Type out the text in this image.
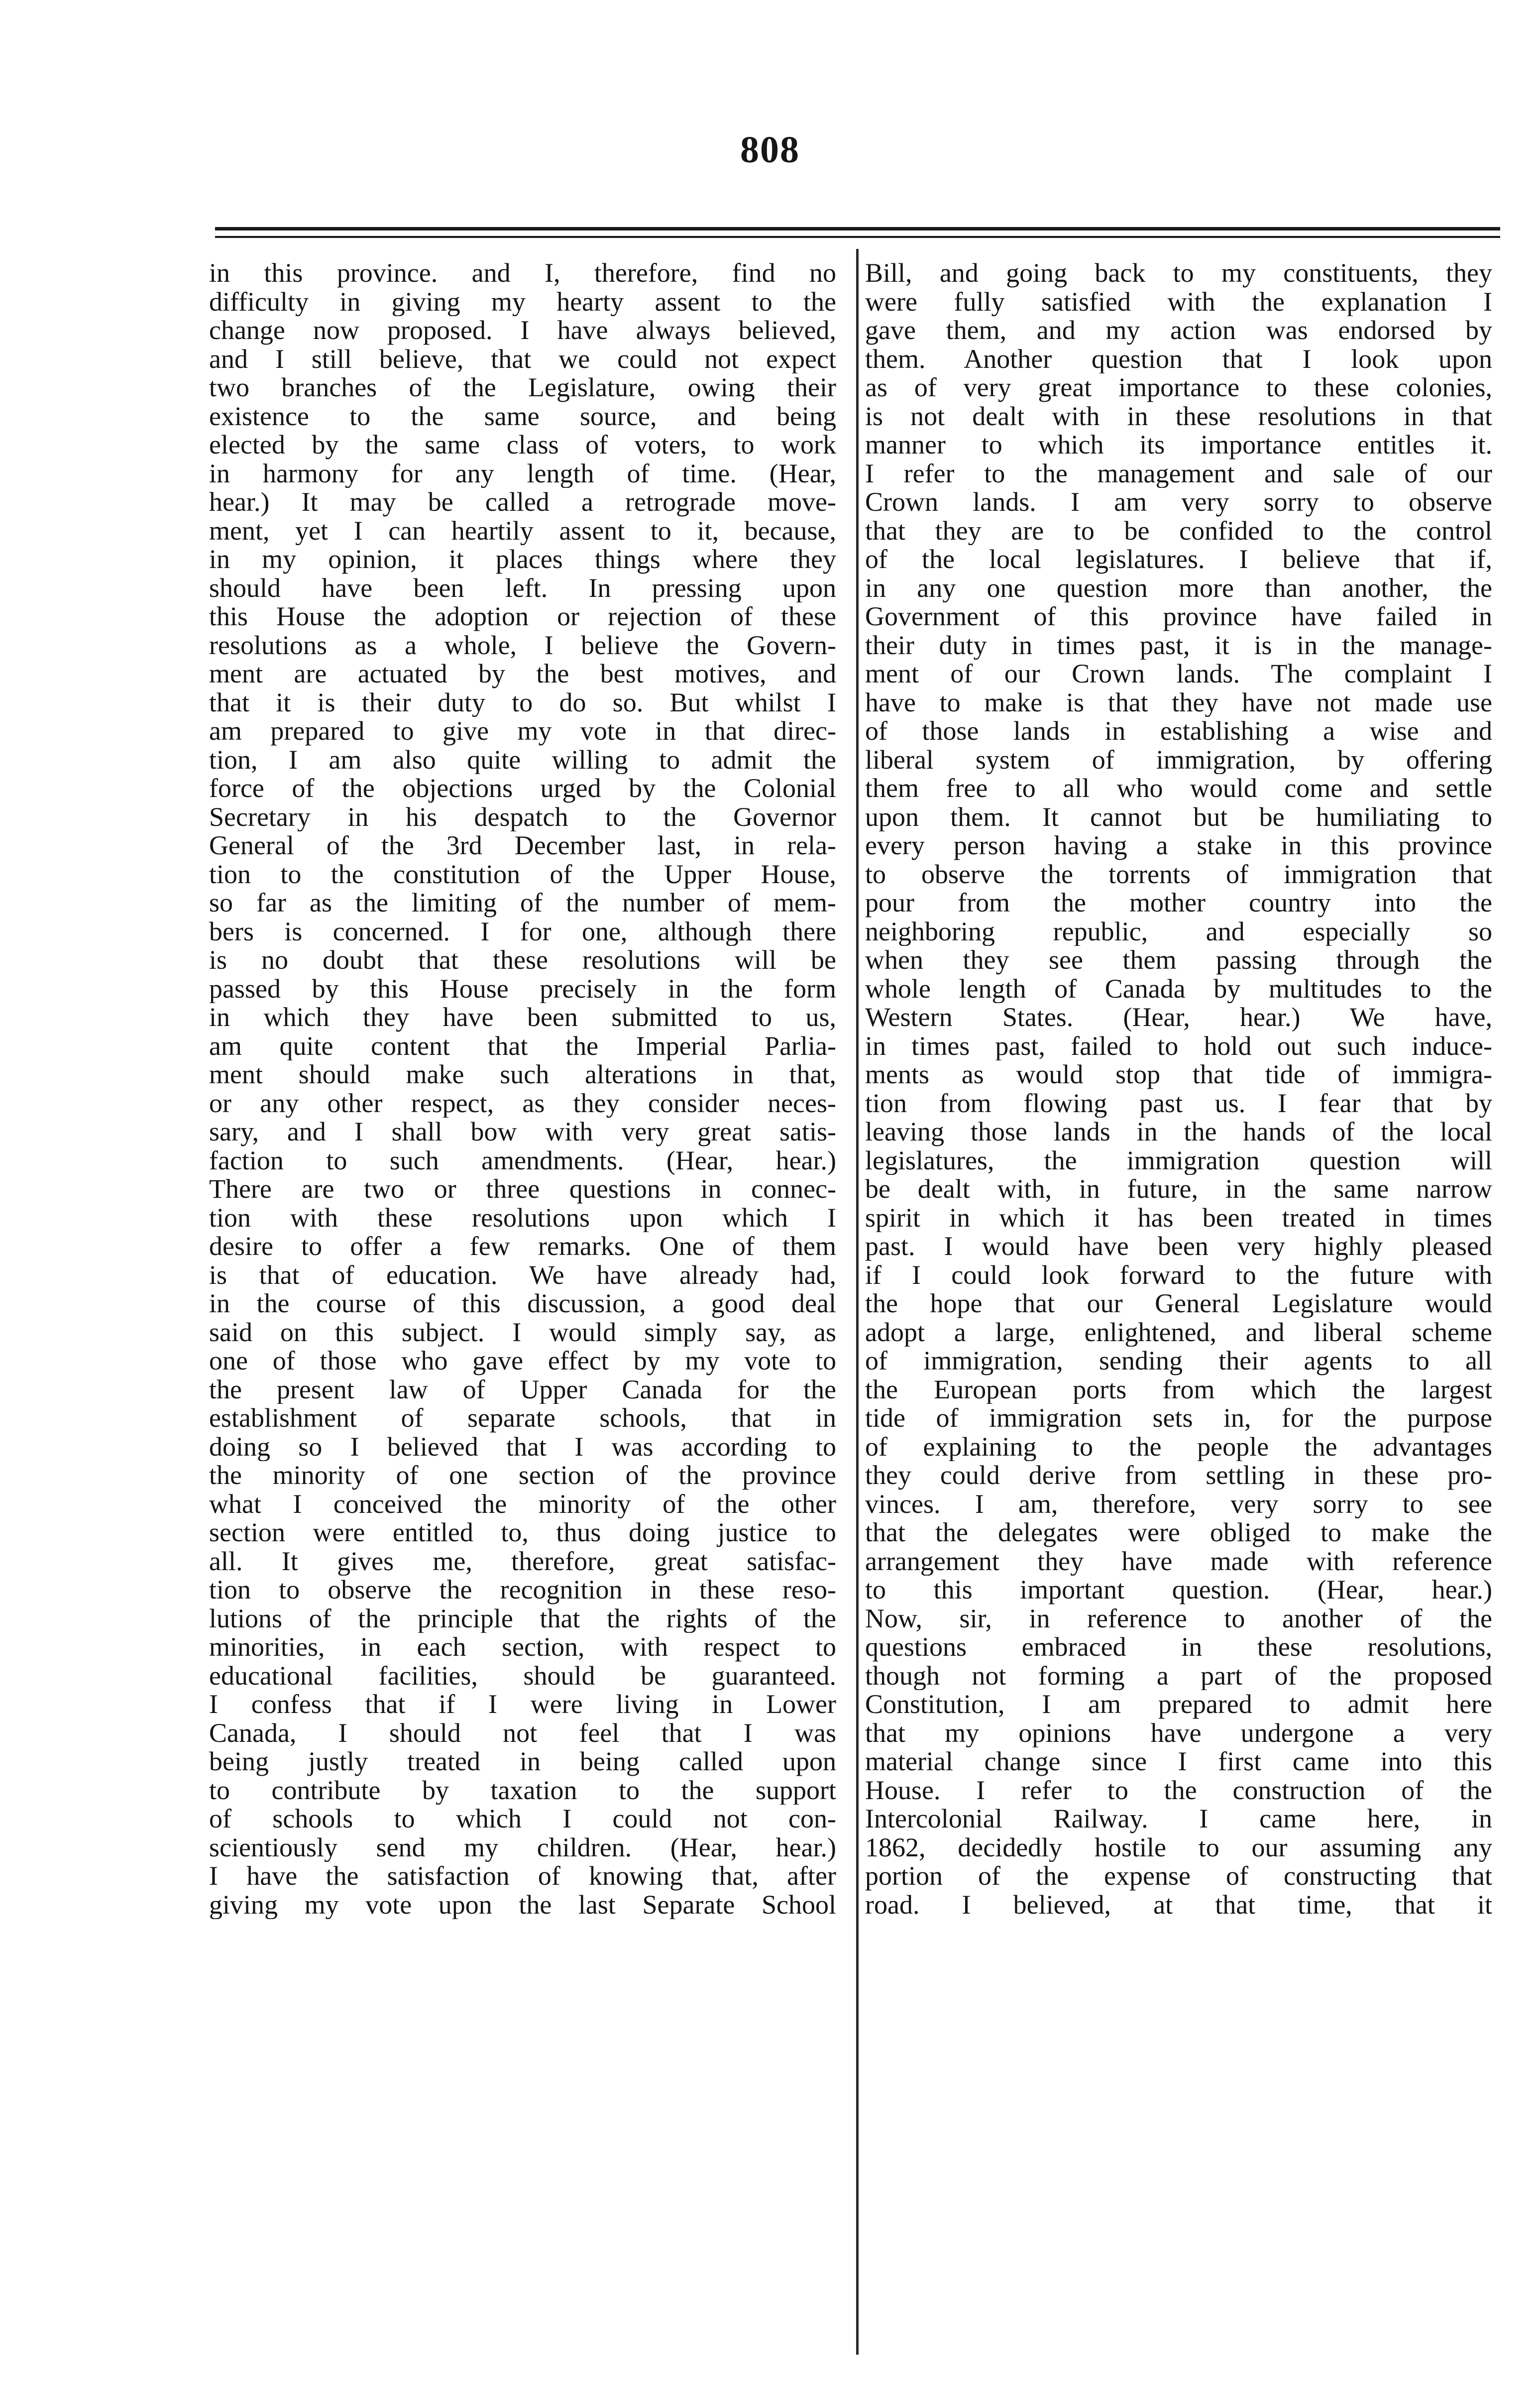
808
in this province. and I, therefore, find no
difficulty in giving my hearty assent to the
change now proposed. I have always believed,
and I still believe, that we could not expect
two branches of the Legislature, owing their
existence to the same source, and being
elected by the same class of voters, to work
in harmony for any length of time. (Hear,
hear.) It may be called a retrograde move-
ment, yet I can heartily assent to it, because,
in my opinion, it places things where they
should have been left. In pressing upon
this House the adoption or rejection of these
resolutions as a whole, I believe the Govern-
ment are actuated by the best motives, and
that it is their duty to do so. But whilst I
am prepared to give my vote in that direc-
tion, I am also quite willing to admit the
force of the objections urged by the Colonial
Secretary in his despatch to the Governor
General of the 3rd December last, in rela-
tion to the constitution of the Upper House,
so far as the limiting of the number of mem-
bers is concerned. I for one, although there
is no doubt that these resolutions will be
passed by this House precisely in the form
in which they have been submitted to us,
am quite content that the Imperial Parlia-
ment should make such alterations in that,
or any other respect, as they consider neces-
sary, and I shall bow with very great satis-
faction to such amendments. (Hear, hear.)
There are two or three questions in connec-
tion with these resolutions upon which I
desire to offer a few remarks. One of them
is that of education. We have already had,
in the course of this discussion, a good deal
said on this subject. I would simply say, as
one of those who gave effect by my vote to
the present law of Upper Canada for the
establishment of separate schools, that in
doing so I believed that I was according to
the minority of one section of the province
what I conceived the minority of the other
section were entitled to, thus doing justice to
all. It gives me, therefore, great satisfac-
tion to observe the recognition in these reso-
lutions of the principle that the rights of the
minorities, in each section, with respect to
educational facilities, should be guaranteed.
I confess that if I were living in Lower
Canada, I should not feel that I was
being justly treated in being called upon
to contribute by taxation to the support
of schools to which I could not con-
scientiously send my children. (Hear, hear.)
I have the satisfaction of knowing that, after
giving my vote upon the last Separate School
Bill, and going back to my constituents, they
were fully satisfied with the explanation I
gave them, and my action was endorsed by
them. Another question that I look upon
as of very great importance to these colonies,
is not dealt with in these resolutions in that
manner to which its importance entitles it.
I refer to the management and sale of our
Crown lands. I am very sorry to observe
that they are to be confided to the control
of the local legislatures. I believe that if,
in any one question more than another, the
Government of this province have failed in
their duty in times past, it is in the manage-
ment of our Crown lands. The complaint I
have to make is that they have not made use
of those lands in establishing a wise and
liberal system of immigration, by offering
them free to all who would come and settle
upon them. It cannot but be humiliating to
every person having a stake in this province
to observe the torrents of immigration that
pour from the mother country into the
neighboring republic, and especially so
when they see them passing through the
whole length of Canada by multitudes to the
Western States. (Hear, hear.) We have,
in times past, failed to hold out such induce-
ments as would stop that tide of immigra-
tion from flowing past us. I fear that by
leaving those lands in the hands of the local
legislatures, the immigration question will
be dealt with, in future, in the same narrow
spirit in which it has been treated in times
past. I would have been very highly pleased
if I could look forward to the future with
the hope that our General Legislature would
adopt a large, enlightened, and liberal scheme
of immigration, sending their agents to all
the European ports from which the largest
tide of immigration sets in, for the purpose
of explaining to the people the advantages
they could derive from settling in these pro-
vinces. I am, therefore, very sorry to see
that the delegates were obliged to make the
arrangement they have made with reference
to this important question. (Hear, hear.)
Now, sir, in reference to another of the
questions embraced in these resolutions,
though not forming a part of the proposed
Constitution, I am prepared to admit here
that my opinions have undergone a very
material change since I first came into this
House. I refer to the construction of the
Intercolonial Railway. I came here, in
1862, decidedly hostile to our assuming any
portion of the expense of constructing that
road. I believed, at that time, that it
